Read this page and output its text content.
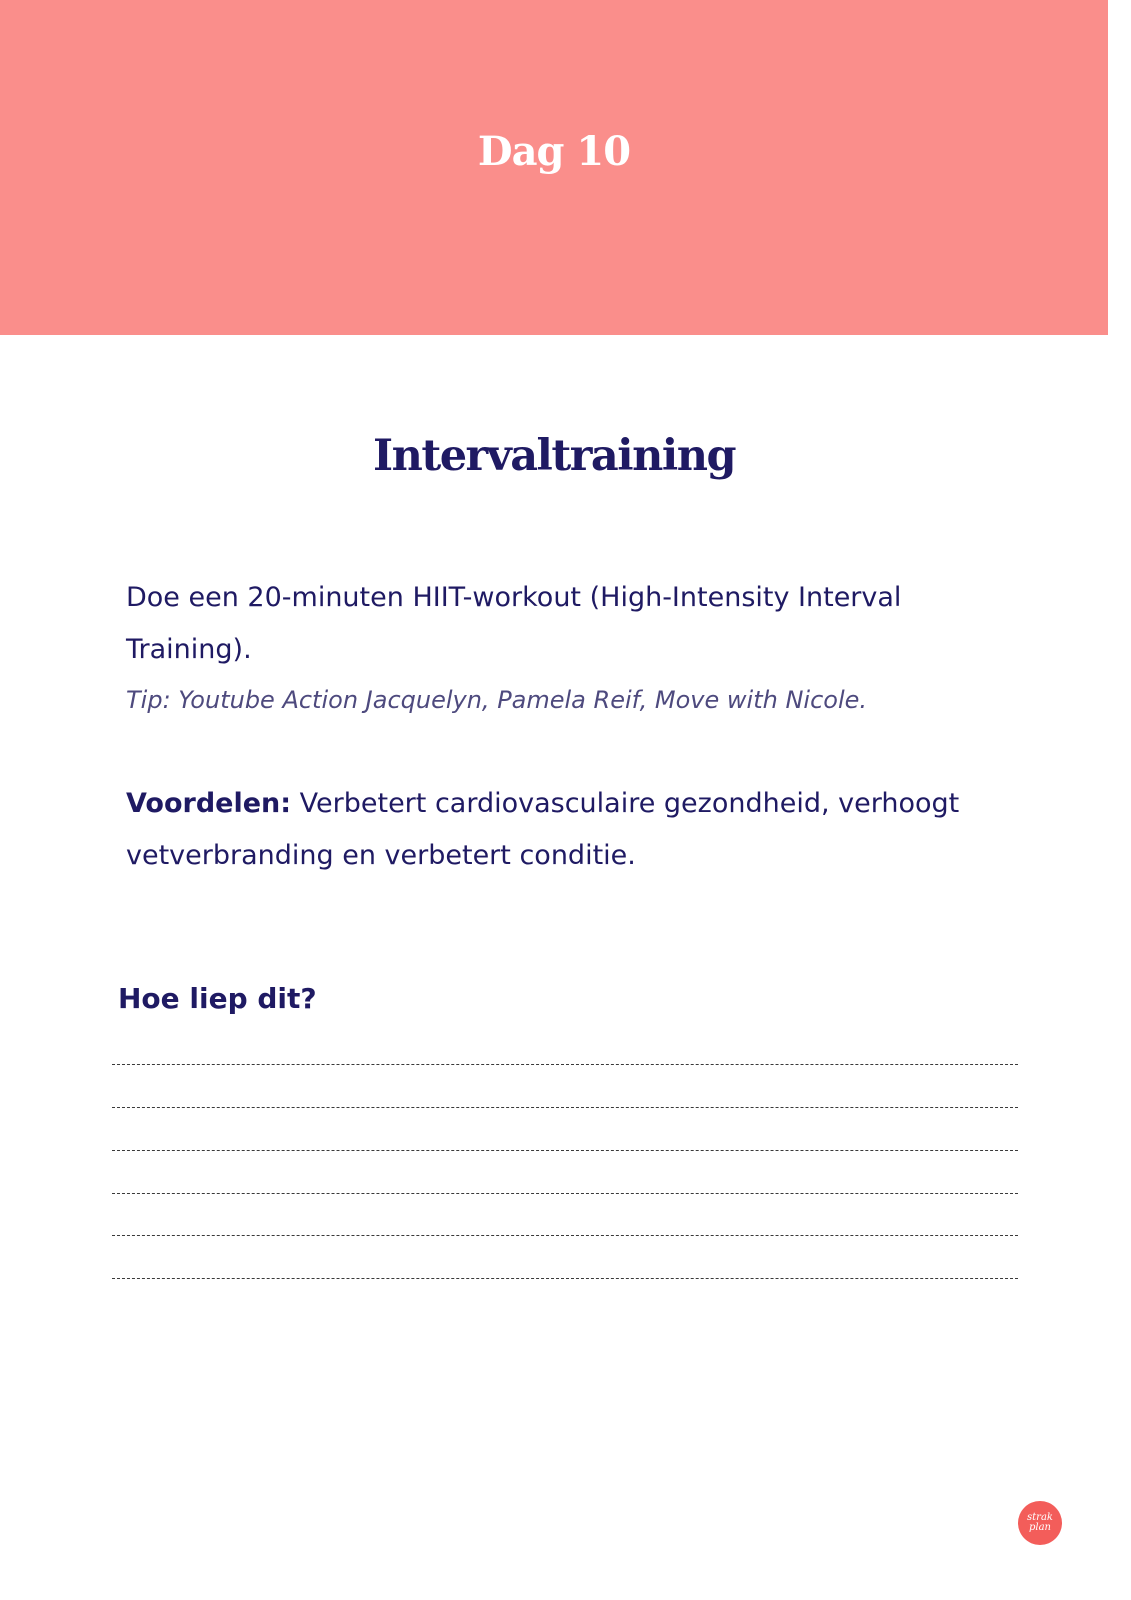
Dag 10
Intervaltraining

Doe een 20-minuten HIIT-workout (High-Intensity Interval Training).

Tip: Youtube Action Jacquelyn, Pamela Reif, Move with Nicole.

Voordelen: Verbetert cardiovasculaire gezondheid, verhoogt vetverbranding en verbetert conditie.

Hoe liep dit?

strak
plan
